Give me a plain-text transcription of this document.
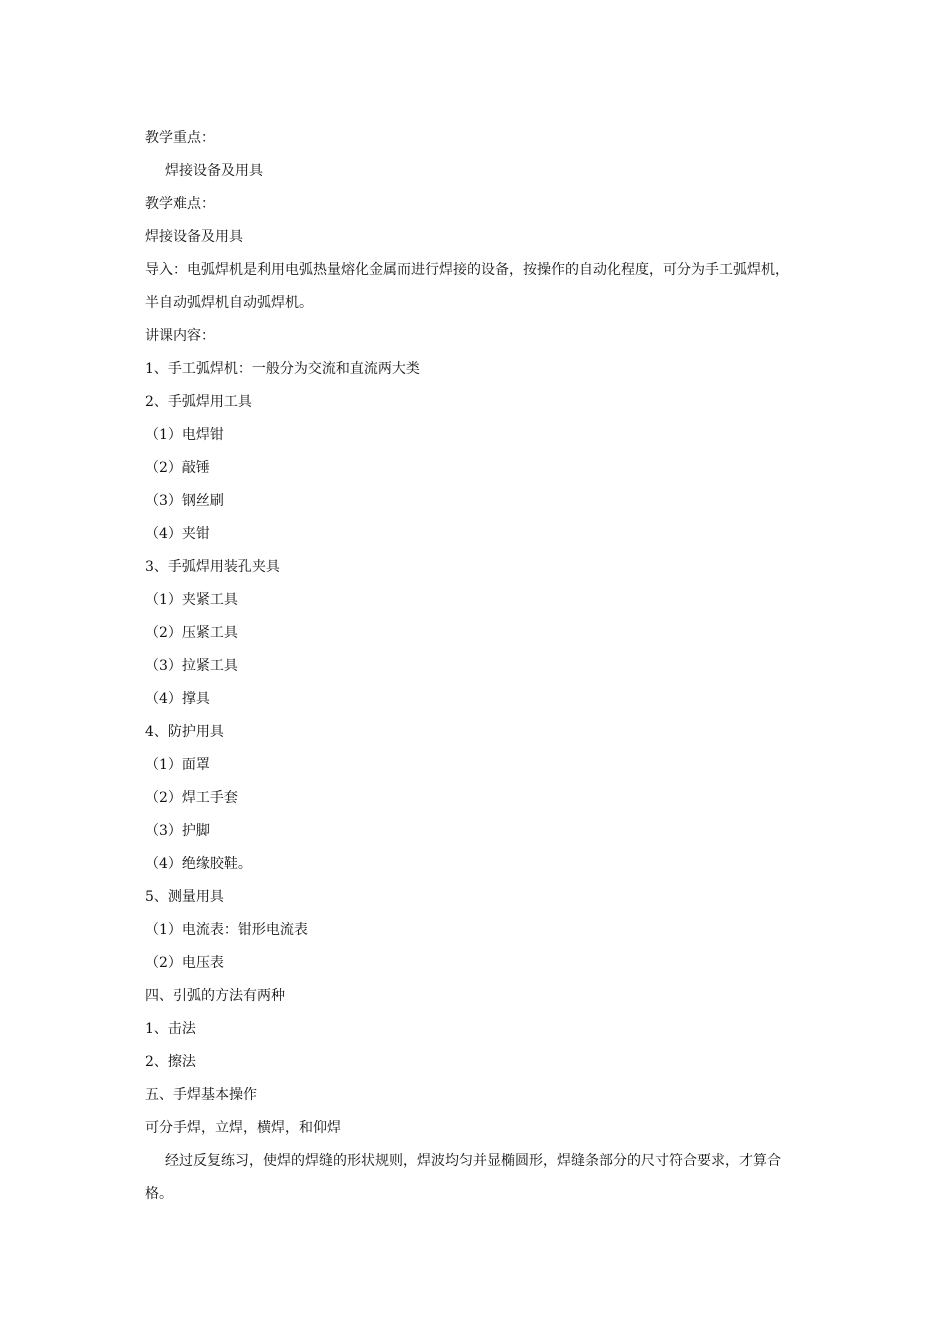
教学重点：
焊接设备及用具
教学难点：
焊接设备及用具
导入：电弧焊机是利用电弧热量熔化金属而进行焊接的设备，按操作的自动化程度，可分为手工弧焊机，
半自动弧焊机自动弧焊机。
讲课内容：
1、手工弧焊机：一般分为交流和直流两大类
2、手弧焊用工具
（1）电焊钳
（2）敲锤
（3）钢丝刷
（4）夹钳
3、手弧焊用装孔夹具
（1）夹紧工具
（2）压紧工具
（3）拉紧工具
（4）撑具
4、防护用具
（1）面罩
（2）焊工手套
（3）护脚
（4）绝缘胶鞋。
5、测量用具
（1）电流表：钳形电流表
（2）电压表
四、引弧的方法有两种
1、击法
2、擦法
五、手焊基本操作
可分手焊，立焊，横焊，和仰焊
经过反复练习，使焊的焊缝的形状规则，焊波均匀并显椭圆形，焊缝条部分的尺寸符合要求，才算合
格。
